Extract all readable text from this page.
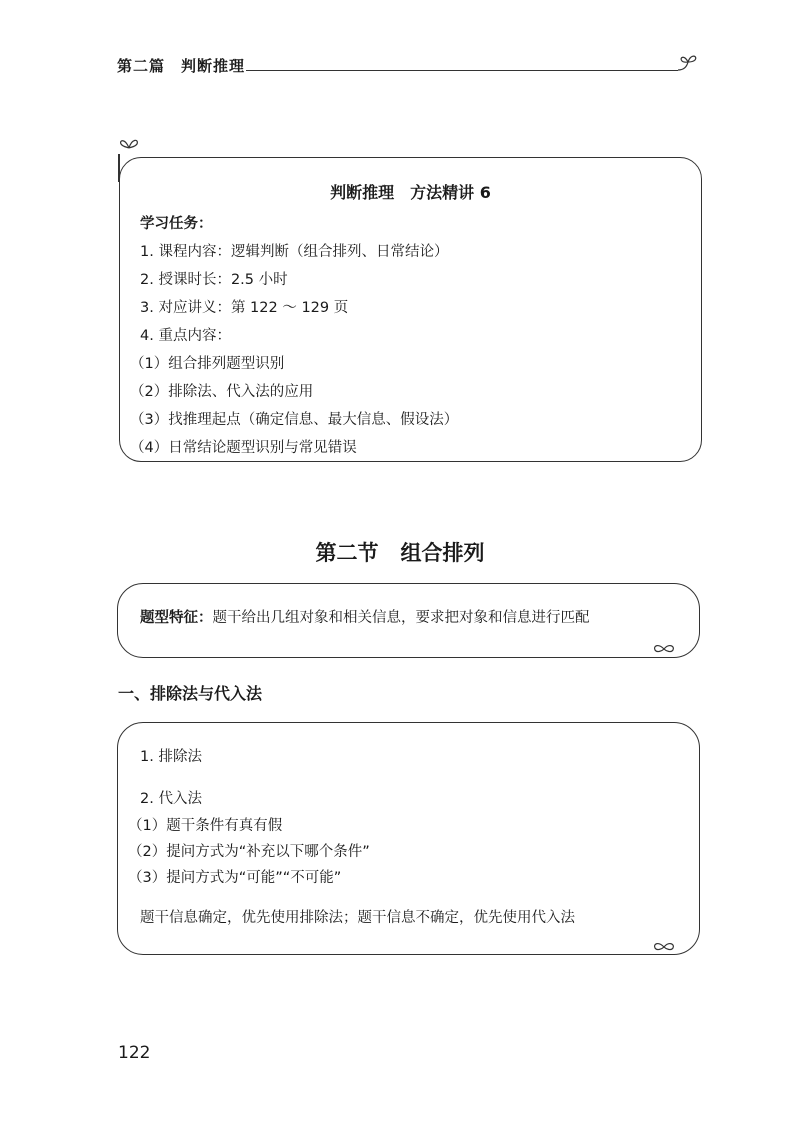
第二篇 判断推理
判断推理 方法精讲 6
学习任务：
1. 课程内容：逻辑判断（组合排列、日常结论）
2. 授课时长：2.5 小时
3. 对应讲义：第 122 ～ 129 页
4. 重点内容：
（1）组合排列题型识别
（2）排除法、代入法的应用
（3）找推理起点（确定信息、最大信息、假设法）
（4）日常结论题型识别与常见错误
第二节 组合排列
题型特征：题干给出几组对象和相关信息，要求把对象和信息进行匹配
一、排除法与代入法
1. 排除法
2. 代入法
（1）题干条件有真有假
（2）提问方式为“补充以下哪个条件”
（3）提问方式为“可能”“不可能”
题干信息确定，优先使用排除法；题干信息不确定，优先使用代入法
122
